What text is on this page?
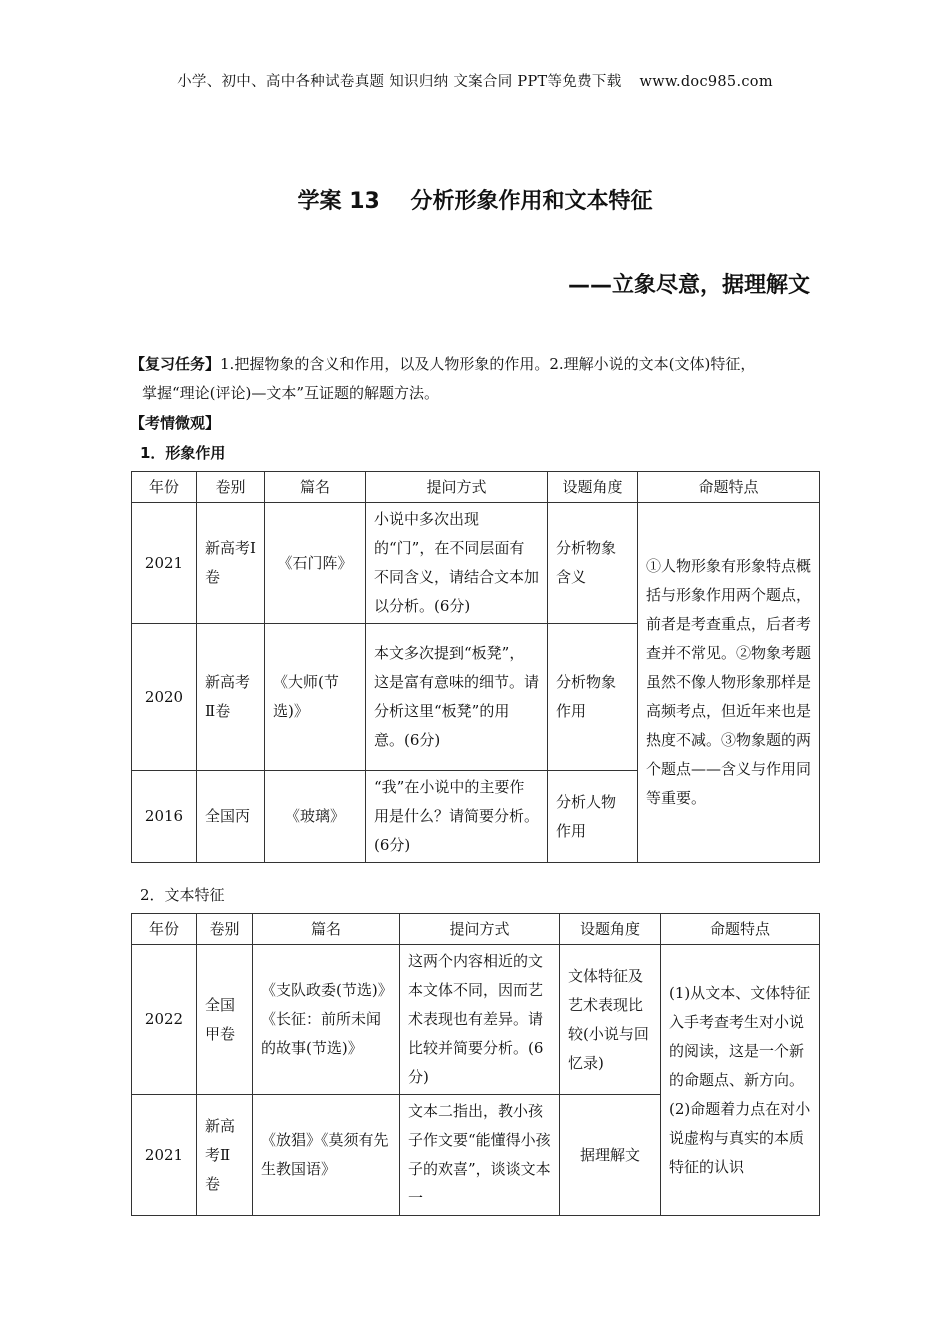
小学、初中、高中各种试卷真题 知识归纳 文案合同 PPT等免费下载 www.doc985.com
学案 13    分析形象作用和文本特征
——立象尽意，据理解文
【复习任务】1.把握物象的含义和作用，以及人物形象的作用。2.理解小说的文本(文体)特征，
掌握“理论(评论)—文本”互证题的解题方法。
【考情微观】
1．形象作用
年份	卷别	篇名	提问方式	设题角度	命题特点
2021	新高考Ⅰ卷	《石门阵》	小说中多次出现的“门”，在不同层面有不同含义，请结合文本加以分析。(6分)	分析物象含义	①人物形象有形象特点概括与形象作用两个题点，前者是考查重点，后者考查并不常见。②物象考题虽然不像人物形象那样是高频考点，但近年来也是热度不减。③物象题的两个题点——含义与作用同等重要。
2020	新高考Ⅱ卷	《大师(节选)》	本文多次提到“板凳”，这是富有意味的细节。请分析这里“板凳”的用意。(6分)	分析物象作用	
2016	全国丙	《玻璃》	“我”在小说中的主要作用是什么？请简要分析。(6分)	分析人物作用	
2．文本特征
年份	卷别	篇名	提问方式	设题角度	命题特点
2022	全国甲卷	《支队政委(节选)》《长征：前所未闻的故事(节选)》	这两个内容相近的文本文体不同，因而艺术表现也有差异。请比较并简要分析。(6分)	文体特征及艺术表现比较(小说与回忆录)	(1)从文本、文体特征入手考查考生对小说的阅读，这是一个新的命题点、新方向。(2)命题着力点在对小说虚构与真实的本质特征的认识
2021	新高考Ⅱ卷	《放猖》《莫须有先生教国语》	文本二指出，教小孩子作文要“能懂得小孩子的欢喜”，谈谈文本一	据理解文	
